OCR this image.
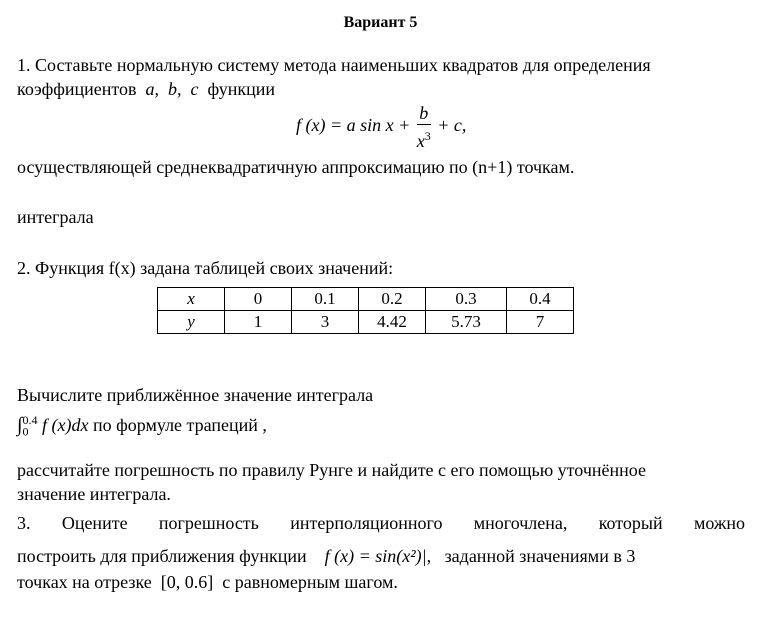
Вариант 5
1. Составьте нормальную систему метода наименьших квадратов для определения
коэффициентов a, b, c функции
f (x) = a $\sin x + \frac{b}{x^3} + c$,
осуществляющей среднеквадратичную аппроксимацию по (n+1) точкам.
интеграла
2. Функция f(x) задана таблицей своих значений:
x	0	0.1	0.2	0.3	0.4
y	1	3	4.42	5.73	7
Вычислите приближённое значение интеграла
$\int_0^{0.4}$ f (x)dx по формуле трапеций ,
рассчитайте погрешность по правилу Рунге и найдите с его помощью уточнённое
значение интеграла.
3. Оцените погрешность интерполяционного многочлена, который можно
построить для приближения функции f (x) = sin(x²)|, заданной значениями в 3
точках на отрезке [0, 0.6] с равномерным шагом.
